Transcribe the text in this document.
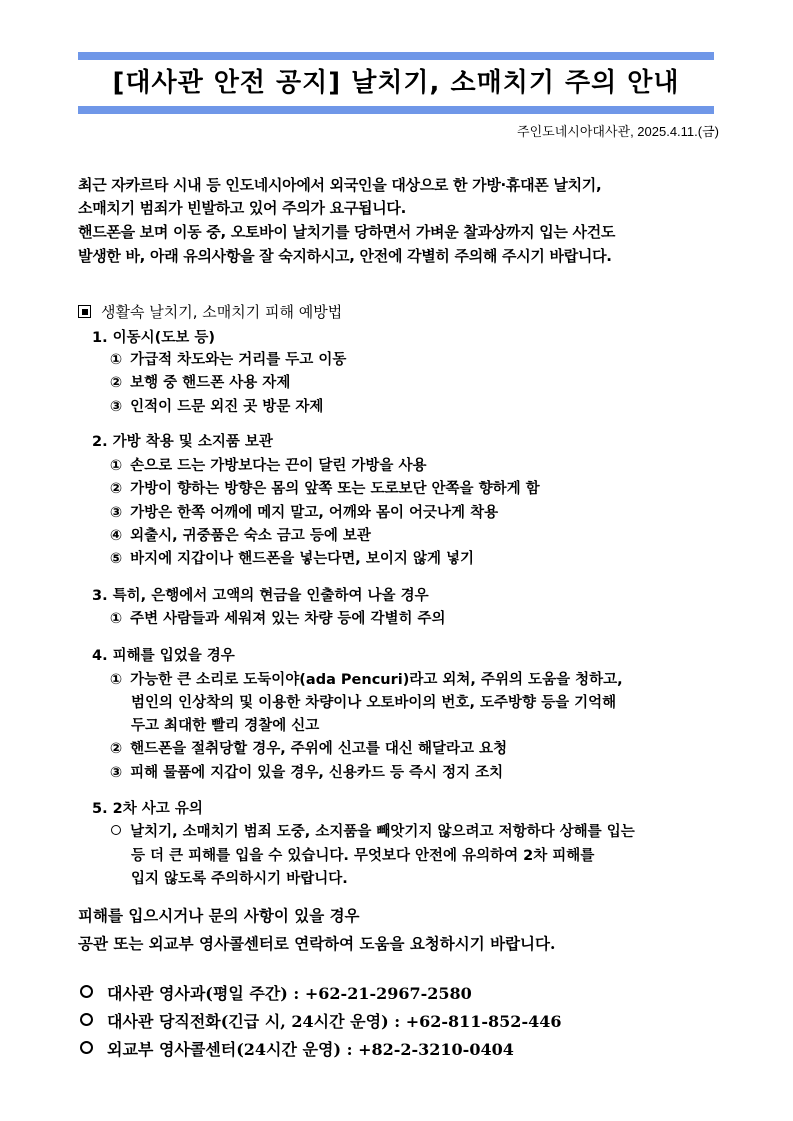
[대사관 안전 공지] 날치기, 소매치기 주의 안내
주인도네시아대사관, 2025.4.11.(금)
최근 자카르타 시내 등 인도네시아에서 외국인을 대상으로 한 가방·휴대폰 날치기,
소매치기 범죄가 빈발하고 있어 주의가 요구됩니다.
핸드폰을 보며 이동 중, 오토바이 날치기를 당하면서 가벼운 찰과상까지 입는 사건도
발생한 바, 아래 유의사항을 잘 숙지하시고, 안전에 각별히 주의해 주시기 바랍니다.
생활속 날치기, 소매치기 피해 예방법
1. 이동시(도보 등)
① 가급적 차도와는 거리를 두고 이동
② 보행 중 핸드폰 사용 자제
③ 인적이 드문 외진 곳 방문 자제
2. 가방 착용 및 소지품 보관
① 손으로 드는 가방보다는 끈이 달린 가방을 사용
② 가방이 향하는 방향은 몸의 앞쪽 또는 도로보단 안쪽을 향하게 함
③ 가방은 한쪽 어깨에 메지 말고, 어깨와 몸이 어긋나게 착용
④ 외출시, 귀중품은 숙소 금고 등에 보관
⑤ 바지에 지갑이나 핸드폰을 넣는다면, 보이지 않게 넣기
3. 특히, 은행에서 고액의 현금을 인출하여 나올 경우
① 주변 사람들과 세워져 있는 차량 등에 각별히 주의
4. 피해를 입었을 경우
① 가능한 큰 소리로 도둑이야(ada Pencuri)라고 외쳐, 주위의 도움을 청하고,
범인의 인상착의 및 이용한 차량이나 오토바이의 번호, 도주방향 등을 기억해
두고 최대한 빨리 경찰에 신고
② 핸드폰을 절취당할 경우, 주위에 신고를 대신 해달라고 요청
③ 피해 물품에 지갑이 있을 경우, 신용카드 등 즉시 정지 조치
5. 2차 사고 유의
날치기, 소매치기 범죄 도중, 소지품을 빼앗기지 않으려고 저항하다 상해를 입는
등 더 큰 피해를 입을 수 있습니다. 무엇보다 안전에 유의하여 2차 피해를
입지 않도록 주의하시기 바랍니다.
피해를 입으시거나 문의 사항이 있을 경우
공관 또는 외교부 영사콜센터로 연락하여 도움을 요청하시기 바랍니다.
대사관 영사과(평일 주간) : +62-21-2967-2580
대사관 당직전화(긴급 시, 24시간 운영) : +62-811-852-446
외교부 영사콜센터(24시간 운영) : +82-2-3210-0404
